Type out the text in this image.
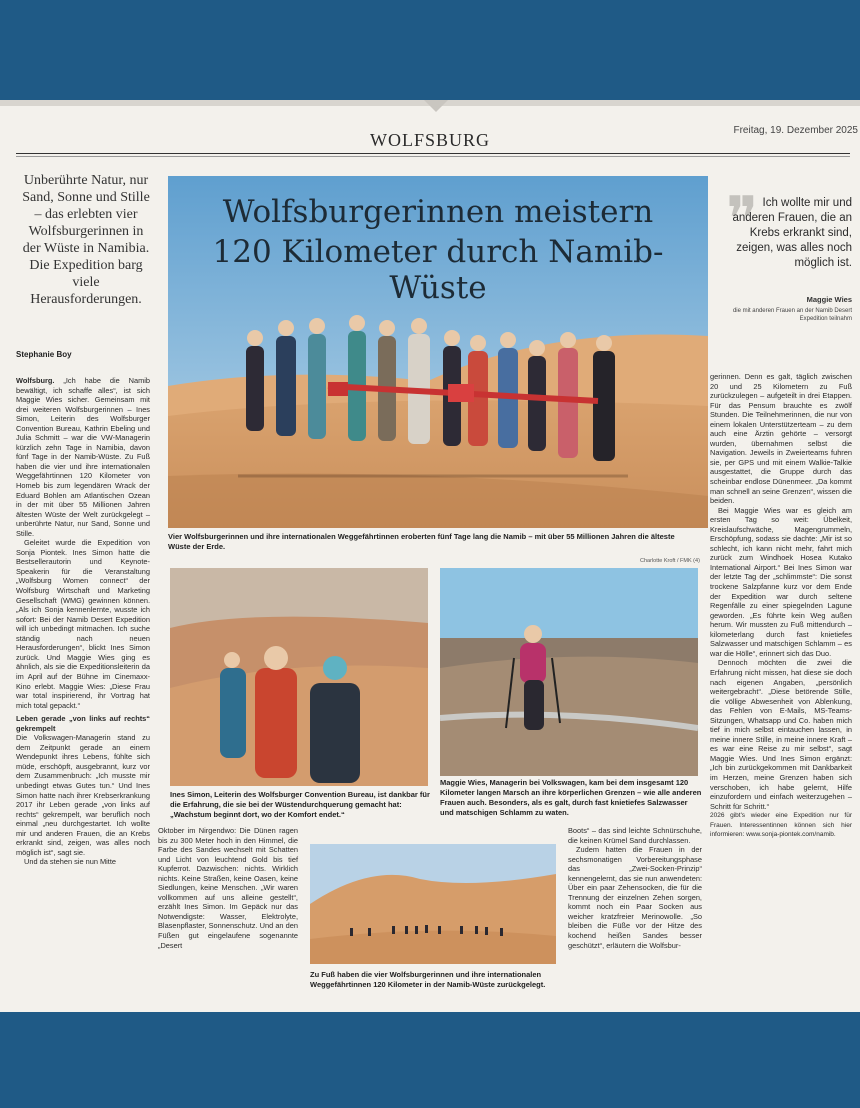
WOLFSBURG	Freitag, 19. Dezember 2025
Unberührte Natur, nur Sand, Sonne und Stille – das erlebten vier Wolfsburgerinnen in der Wüste in Namibia. Die Expedition barg viele Herausforderungen.
Stephanie Boy

Wolfsburg. „Ich habe die Namib bewältigt, ich schaffe alles“, ist sich Maggie Wies sicher. Gemeinsam mit drei weiteren Wolfsburgerinnen – Ines Simon, Leiterin des Wolfsburger Convention Bureau, Kathrin Ebeling und Julia Schmitt – war die VW-Managerin kürzlich zehn Tage in Namibia, davon fünf Tage in der Namib-Wüste. Zu Fuß haben die vier und ihre internationalen Weggefährtinnen 120 Kilometer von Homeb bis zum legendären Wrack der Eduard Bohlen am Atlantischen Ozean in der mit über 55 Millionen Jahren ältesten Wüste der Welt zurückgelegt – unberührte Natur, nur Sand, Sonne und Stille.

Geleitet wurde die Expedition von Sonja Piontek. Ines Simon hatte die Bestsellerautorin und Keynote-Speakerin für die Veranstaltung „Wolfsburg Women connect“ der Wolfsburg Wirtschaft und Marketing Gesellschaft (WMG) gewinnen können. „Als ich Sonja kennenlernte, wusste ich sofort: Bei der Namib Desert Expedition will ich unbedingt mitmachen. Ich suche ständig nach neuen Herausforderungen“, blickt Ines Simon zurück. Und Maggie Wies ging es ähnlich, als sie die Expeditionsleiterin da im April auf der Bühne im Cinemaxx-Kino erlebt. Maggie Wies: „Diese Frau war total inspirierend, ihr Vortrag hat mich total gepackt.“

Leben gerade „von links auf rechts“ gekrempelt

Die Volkswagen-Managerin stand zu dem Zeitpunkt gerade an einem Wendepunkt ihres Lebens, fühlte sich müde, erschöpft, ausgebrannt, kurz vor dem Zusammenbruch: „Ich musste mir unbedingt etwas Gutes tun.“ Und Ines Simon hatte nach ihrer Krebserkrankung 2017 ihr Leben gerade „von links auf rechts“ gekrempelt, war beruflich noch einmal „neu durchgestartet. Ich wollte mir und anderen Frauen, die an Krebs erkrankt sind, zeigen, was alles noch möglich ist“, sagt sie.

Und da stehen sie nun Mitte

Wolfsburgerinnen meistern
120 Kilometer durch Namib-Wüste

Vier Wolfsburgerinnen und ihre internationalen Weggefährtinnen eroberten fünf Tage lang die Namib – mit über 55 Millionen Jahren die älteste Wüste der Erde.

Charlotte Kroft / FMK (4)
❞ Ich wollte mir und anderen Frauen, die an Krebs erkrankt sind, zeigen, was alles noch möglich ist.

Maggie Wies

die mit anderen Frauen an der Namib Desert Expedition teilnahm

Ines Simon, Leiterin des Wolfsburger Convention Bureau, ist dankbar für die Erfahrung, die sie bei der Wüstendurchquerung gemacht hat: „Wachstum beginnt dort, wo der Komfort endet.“

Maggie Wies, Managerin bei Volkswagen, kam bei dem insgesamt 120 Kilometer langen Marsch an ihre körperlichen Grenzen – wie alle anderen Frauen auch. Besonders, als es galt, durch fast knietiefes Salzwasser und matschigen Schlamm zu waten.

Oktober im Nirgendwo: Die Dünen ragen bis zu 300 Meter hoch in den Himmel, die Farbe des Sandes wechselt mit Schatten und Licht von leuchtend Gold bis tief Kupferrot. Dazwischen: nichts. Wirklich nichts. Keine Straßen, keine Oasen, keine Siedlungen, keine Menschen. „Wir waren vollkommen auf uns alleine gestellt“, erzählt Ines Simon. Im Gepäck nur das Notwendigste: Wasser, Elektrolyte, Blasenpflaster, Sonnenschutz. Und an den Füßen gut eingelaufene sogenannte „Desert

Zu Fuß haben die vier Wolfsburgerinnen und ihre internationalen Weggefährtinnen 120 Kilometer in der Namib-Wüste zurückgelegt.

Boots“ – das sind leichte Schnürschuhe, die keinen Krümel Sand durchlassen.

Zudem hatten die Frauen in der sechsmonatigen Vorbereitungsphase das „Zwei-Socken-Prinzip“ kennengelernt, das sie nun anwendeten: Über ein paar Zehensocken, die für die Trennung der einzelnen Zehen sorgen, kommt noch ein Paar Socken aus weicher kratzfreier Merinowolle. „So bleiben die Füße vor der Hitze des kochend heißen Sandes besser geschützt“, erläutern die Wolfsbur-

gerinnen. Denn es galt, täglich zwischen 20 und 25 Kilometern zu Fuß zurückzulegen – aufgeteilt in drei Etappen. Für das Pensum brauchte es zwölf Stunden. Die Teilnehmerinnen, die nur von einem lokalen Unterstützerteam – zu dem auch eine Ärztin gehörte – versorgt wurden, übernahmen selbst die Navigation. Jeweils in Zweierteams fuhren sie, per GPS und mit einem Walkie-Talkie ausgestattet, die Gruppe durch das scheinbar endlose Dünenmeer. „Da kommt man schnell an seine Grenzen“, wissen die beiden.

Bei Maggie Wies war es gleich am ersten Tag so weit: Übelkeit, Kreislaufschwäche, Magengrummeln, Erschöpfung, sodass sie dachte: „Mir ist so schlecht, ich kann nicht mehr, fahrt mich zurück zum Windhoek Hosea Kutako International Airport.“ Bei Ines Simon war der letzte Tag der „schlimmste“: Die sonst trockene Salzpfanne kurz vor dem Ende der Expedition war durch seltene Regenfälle zu einer spiegelnden Lagune geworden. „Es führte kein Weg außen herum. Wir mussten zu Fuß mittendurch – kilometerlang durch fast knietiefes Salzwasser und matschigen Schlamm – es war die Hölle“, erinnert sich das Duo.

Dennoch möchten die zwei die Erfahrung nicht missen, hat diese sie doch nach eigenen Angaben, „persönlich weitergebracht“. „Diese betörende Stille, die völlige Abwesenheit von Ablenkung, das Fehlen von E-Mails, MS-Teams-Sitzungen, Whatsapp und Co. haben mich tief in mich selbst eintauchen lassen, in meine innere Stille, in meine innere Kraft – es war eine Reise zu mir selbst“, sagt Maggie Wies. Und Ines Simon ergänzt: „Ich bin zurückgekommen mit Dankbarkeit im Herzen, meine Grenzen haben sich verschoben, ich habe gelernt, Hilfe einzufordern und einfach weiterzugehen – Schritt für Schritt.“

2026 gibt's wieder eine Expedition nur für Frauen. Interessentinnen können sich hier informieren: www.sonja-piontek.com/namib.
